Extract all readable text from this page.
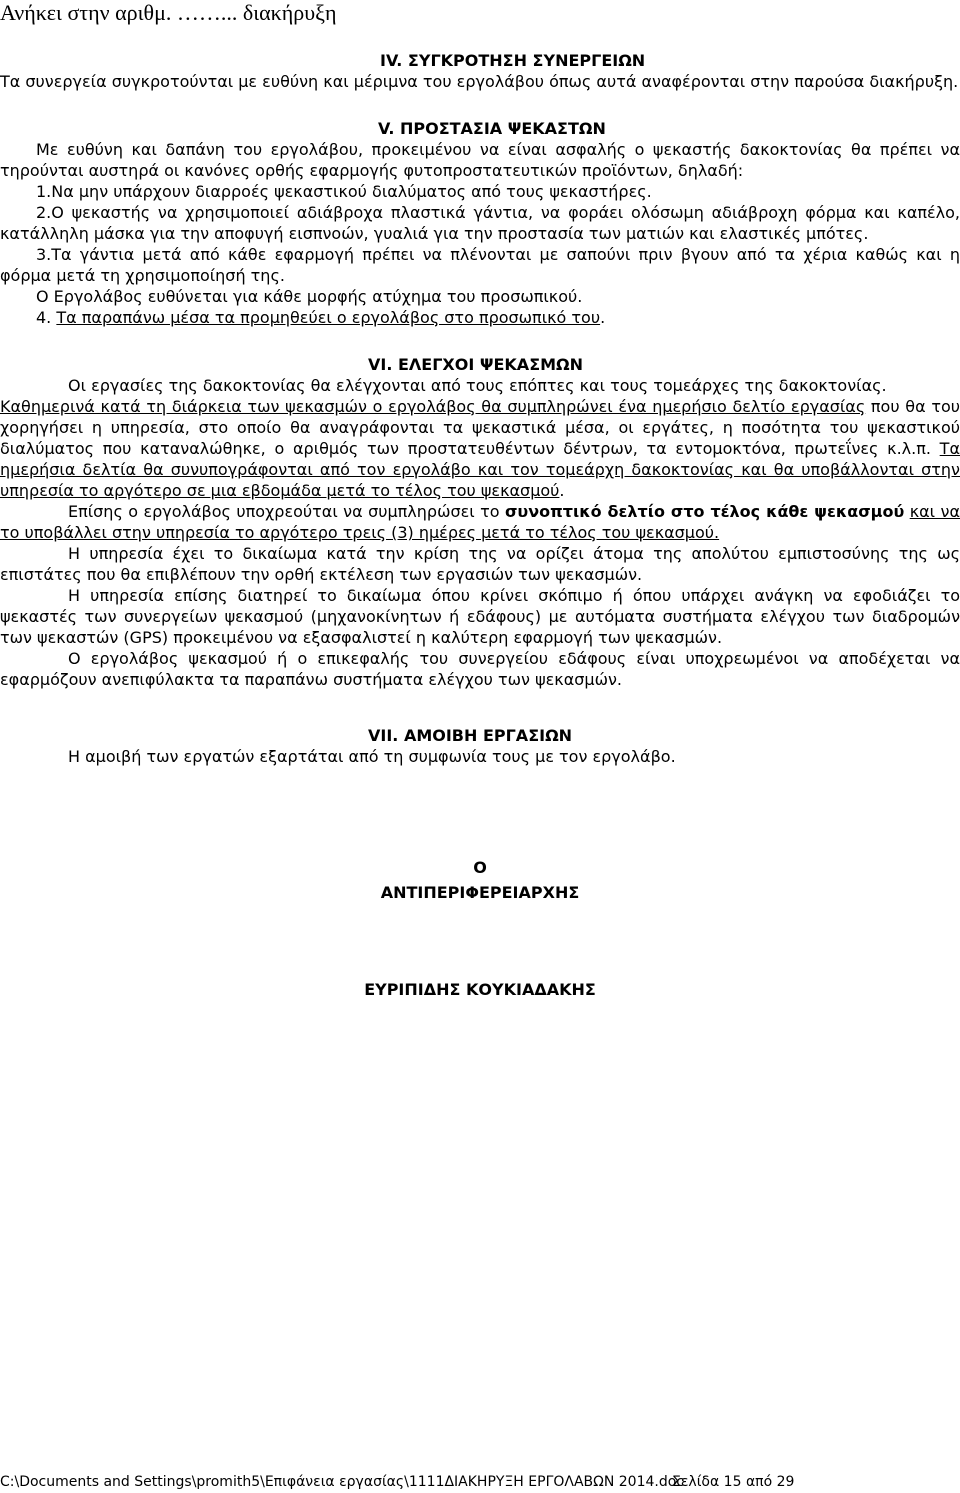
Ανήκει στην αριθμ. ……... διακήρυξη

IV. ΣΥΓΚΡΟΤΗΣΗ ΣΥΝΕΡΓΕΙΩΝ

Τα συνεργεία συγκροτούνται με ευθύνη και μέριμνα του εργολάβου όπως αυτά αναφέρονται στην παρούσα διακήρυξη.

V. ΠΡΟΣΤΑΣΙΑ ΨΕΚΑΣΤΩΝ

Με ευθύνη και δαπάνη του εργολάβου, προκειμένου να είναι ασφαλής ο ψεκαστής δακοκτονίας θα πρέπει να τηρούνται αυστηρά οι κανόνες ορθής εφαρμογής φυτοπροστατευτικών προϊόντων, δηλαδή:

1.Να μην υπάρχουν διαρροές ψεκαστικού διαλύματος από τους ψεκαστήρες.

2.Ο ψεκαστής να χρησιμοποιεί αδιάβροχα πλαστικά γάντια, να φοράει ολόσωμη αδιάβροχη φόρμα και καπέλο, κατάλληλη μάσκα για την αποφυγή εισπνοών, γυαλιά για την προστασία των ματιών και ελαστικές μπότες.

3.Τα γάντια μετά από κάθε εφαρμογή πρέπει να πλένονται με σαπούνι πριν βγουν από τα χέρια καθώς και η φόρμα μετά τη χρησιμοποίησή της.

Ο Εργολάβος ευθύνεται για κάθε μορφής ατύχημα του προσωπικού.

4. Τα παραπάνω μέσα τα προμηθεύει ο εργολάβος στο προσωπικό του.

VI. ΕΛΕΓΧΟΙ ΨΕΚΑΣΜΩΝ

Οι εργασίες της δακοκτονίας θα ελέγχονται από τους επόπτες και τους τομεάρχες της δακοκτονίας.

Καθημερινά κατά τη διάρκεια των ψεκασμών ο εργολάβος θα συμπληρώνει ένα ημερήσιο δελτίο εργασίας που θα του χορηγήσει η υπηρεσία, στο οποίο θα αναγράφονται τα ψεκαστικά μέσα, οι εργάτες, η ποσότητα του ψεκαστικού διαλύματος που καταναλώθηκε, ο αριθμός των προστατευθέντων δέντρων, τα εντομοκτόνα, πρωτεΐνες κ.λ.π. Τα ημερήσια δελτία θα συνυπογράφονται από τον εργολάβο και τον τομεάρχη δακοκτονίας και θα υποβάλλονται στην υπηρεσία το αργότερο σε μια εβδομάδα μετά το τέλος του ψεκασμού.

Επίσης ο εργολάβος υποχρεούται να συμπληρώσει το συνοπτικό δελτίο στο τέλος κάθε ψεκασμού και να το υποβάλλει στην υπηρεσία το αργότερο τρεις (3) ημέρες μετά το τέλος του ψεκασμού.

Η υπηρεσία έχει το δικαίωμα κατά την κρίση της να ορίζει άτομα της απολύτου εμπιστοσύνης της ως επιστάτες που θα επιβλέπουν την ορθή εκτέλεση των εργασιών των ψεκασμών.

Η υπηρεσία επίσης διατηρεί το δικαίωμα όπου κρίνει σκόπιμο ή όπου υπάρχει ανάγκη να εφοδιάζει το ψεκαστές των συνεργείων ψεκασμού (μηχανοκίνητων ή εδάφους) με αυτόματα συστήματα ελέγχου των διαδρομών των ψεκαστών (GPS) προκειμένου να εξασφαλιστεί η καλύτερη εφαρμογή των ψεκασμών.

Ο εργολάβος ψεκασμού ή ο επικεφαλής του συνεργείου εδάφους είναι υποχρεωμένοι να αποδέχεται να εφαρμόζουν ανεπιφύλακτα τα παραπάνω συστήματα ελέγχου των ψεκασμών.

VII. ΑΜΟΙΒΗ ΕΡΓΑΣΙΩΝ

Η αμοιβή των εργατών εξαρτάται από τη συμφωνία τους με τον εργολάβο.

Ο

ΑΝΤΙΠΕΡΙΦΕΡΕΙΑΡΧΗΣ

ΕΥΡΙΠΙΔΗΣ ΚΟΥΚΙΑΔΑΚΗΣ

C:\Documents and Settings\promith5\Επιφάνεια εργασίας\1111ΔΙΑΚΗΡΥΞΗ ΕΡΓΟΛΑΒΩΝ 2014.doc
Σελίδα 15 από 29
